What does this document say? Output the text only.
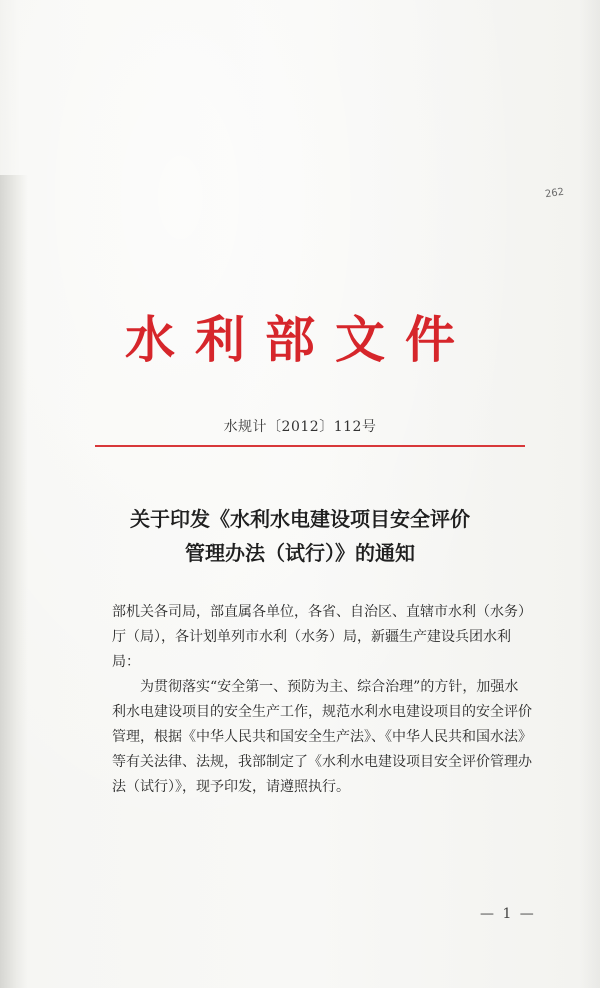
262
水利部文件
水规计〔2012〕112号
关于印发《水利水电建设项目安全评价
管理办法（试行）》的通知

部机关各司局，部直属各单位，各省、自治区、直辖市水利（水务）厅（局），各计划单列市水利（水务）局，新疆生产建设兵团水利局：

为贯彻落实“安全第一、预防为主、综合治理”的方针，加强水利水电建设项目的安全生产工作，规范水利水电建设项目的安全评价管理，根据《中华人民共和国安全生产法》、《中华人民共和国水法》等有关法律、法规，我部制定了《水利水电建设项目安全评价管理办法（试行）》，现予印发，请遵照执行。

— 1 —
